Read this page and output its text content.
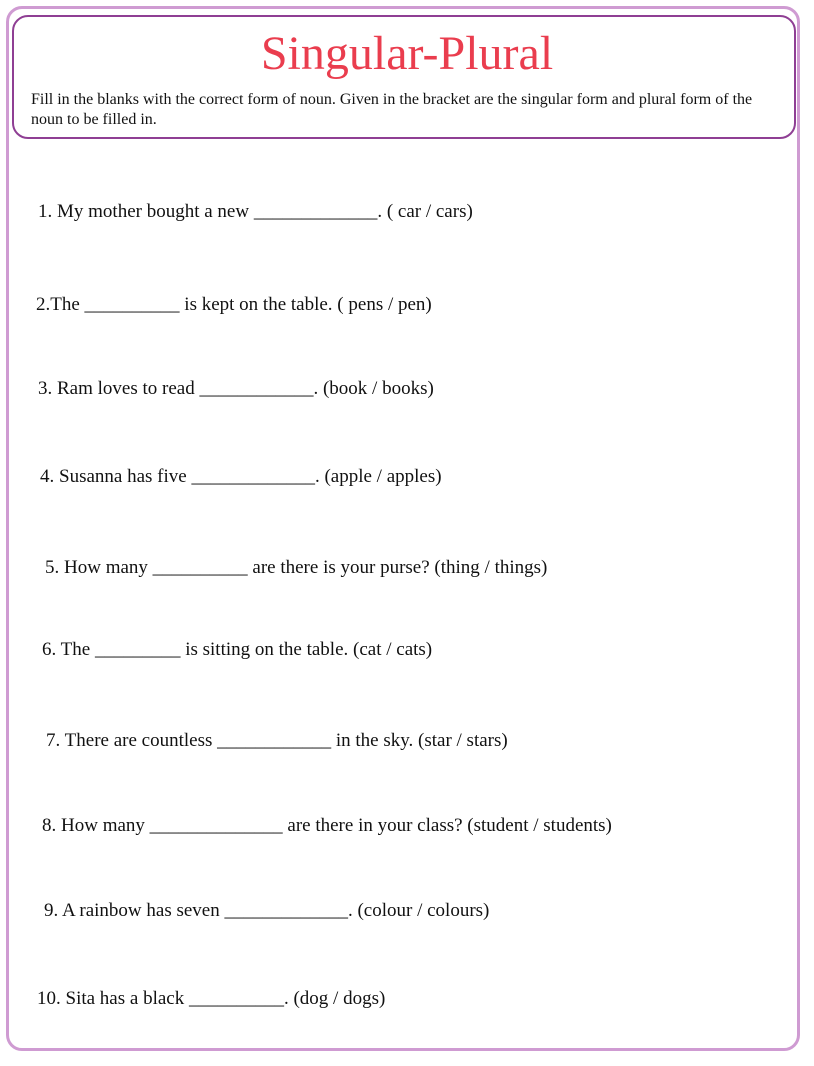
Singular-Plural

Fill in the blanks with the correct form of noun. Given in the bracket are the singular form and plural form of the noun to be filled in.

1. My mother bought a new _____________. ( car / cars)

2.The __________ is kept on the table. ( pens / pen)

3. Ram loves to read ____________. (book / books)

4. Susanna has five _____________. (apple / apples)

5. How many __________ are there is your purse? (thing / things)

6. The _________ is sitting on the table. (cat / cats)

7. There are countless ____________ in the sky. (star / stars)

8. How many ______________ are there in your class? (student / students)

9. A rainbow has seven _____________. (colour / colours)

10. Sita has a black __________. (dog / dogs)
